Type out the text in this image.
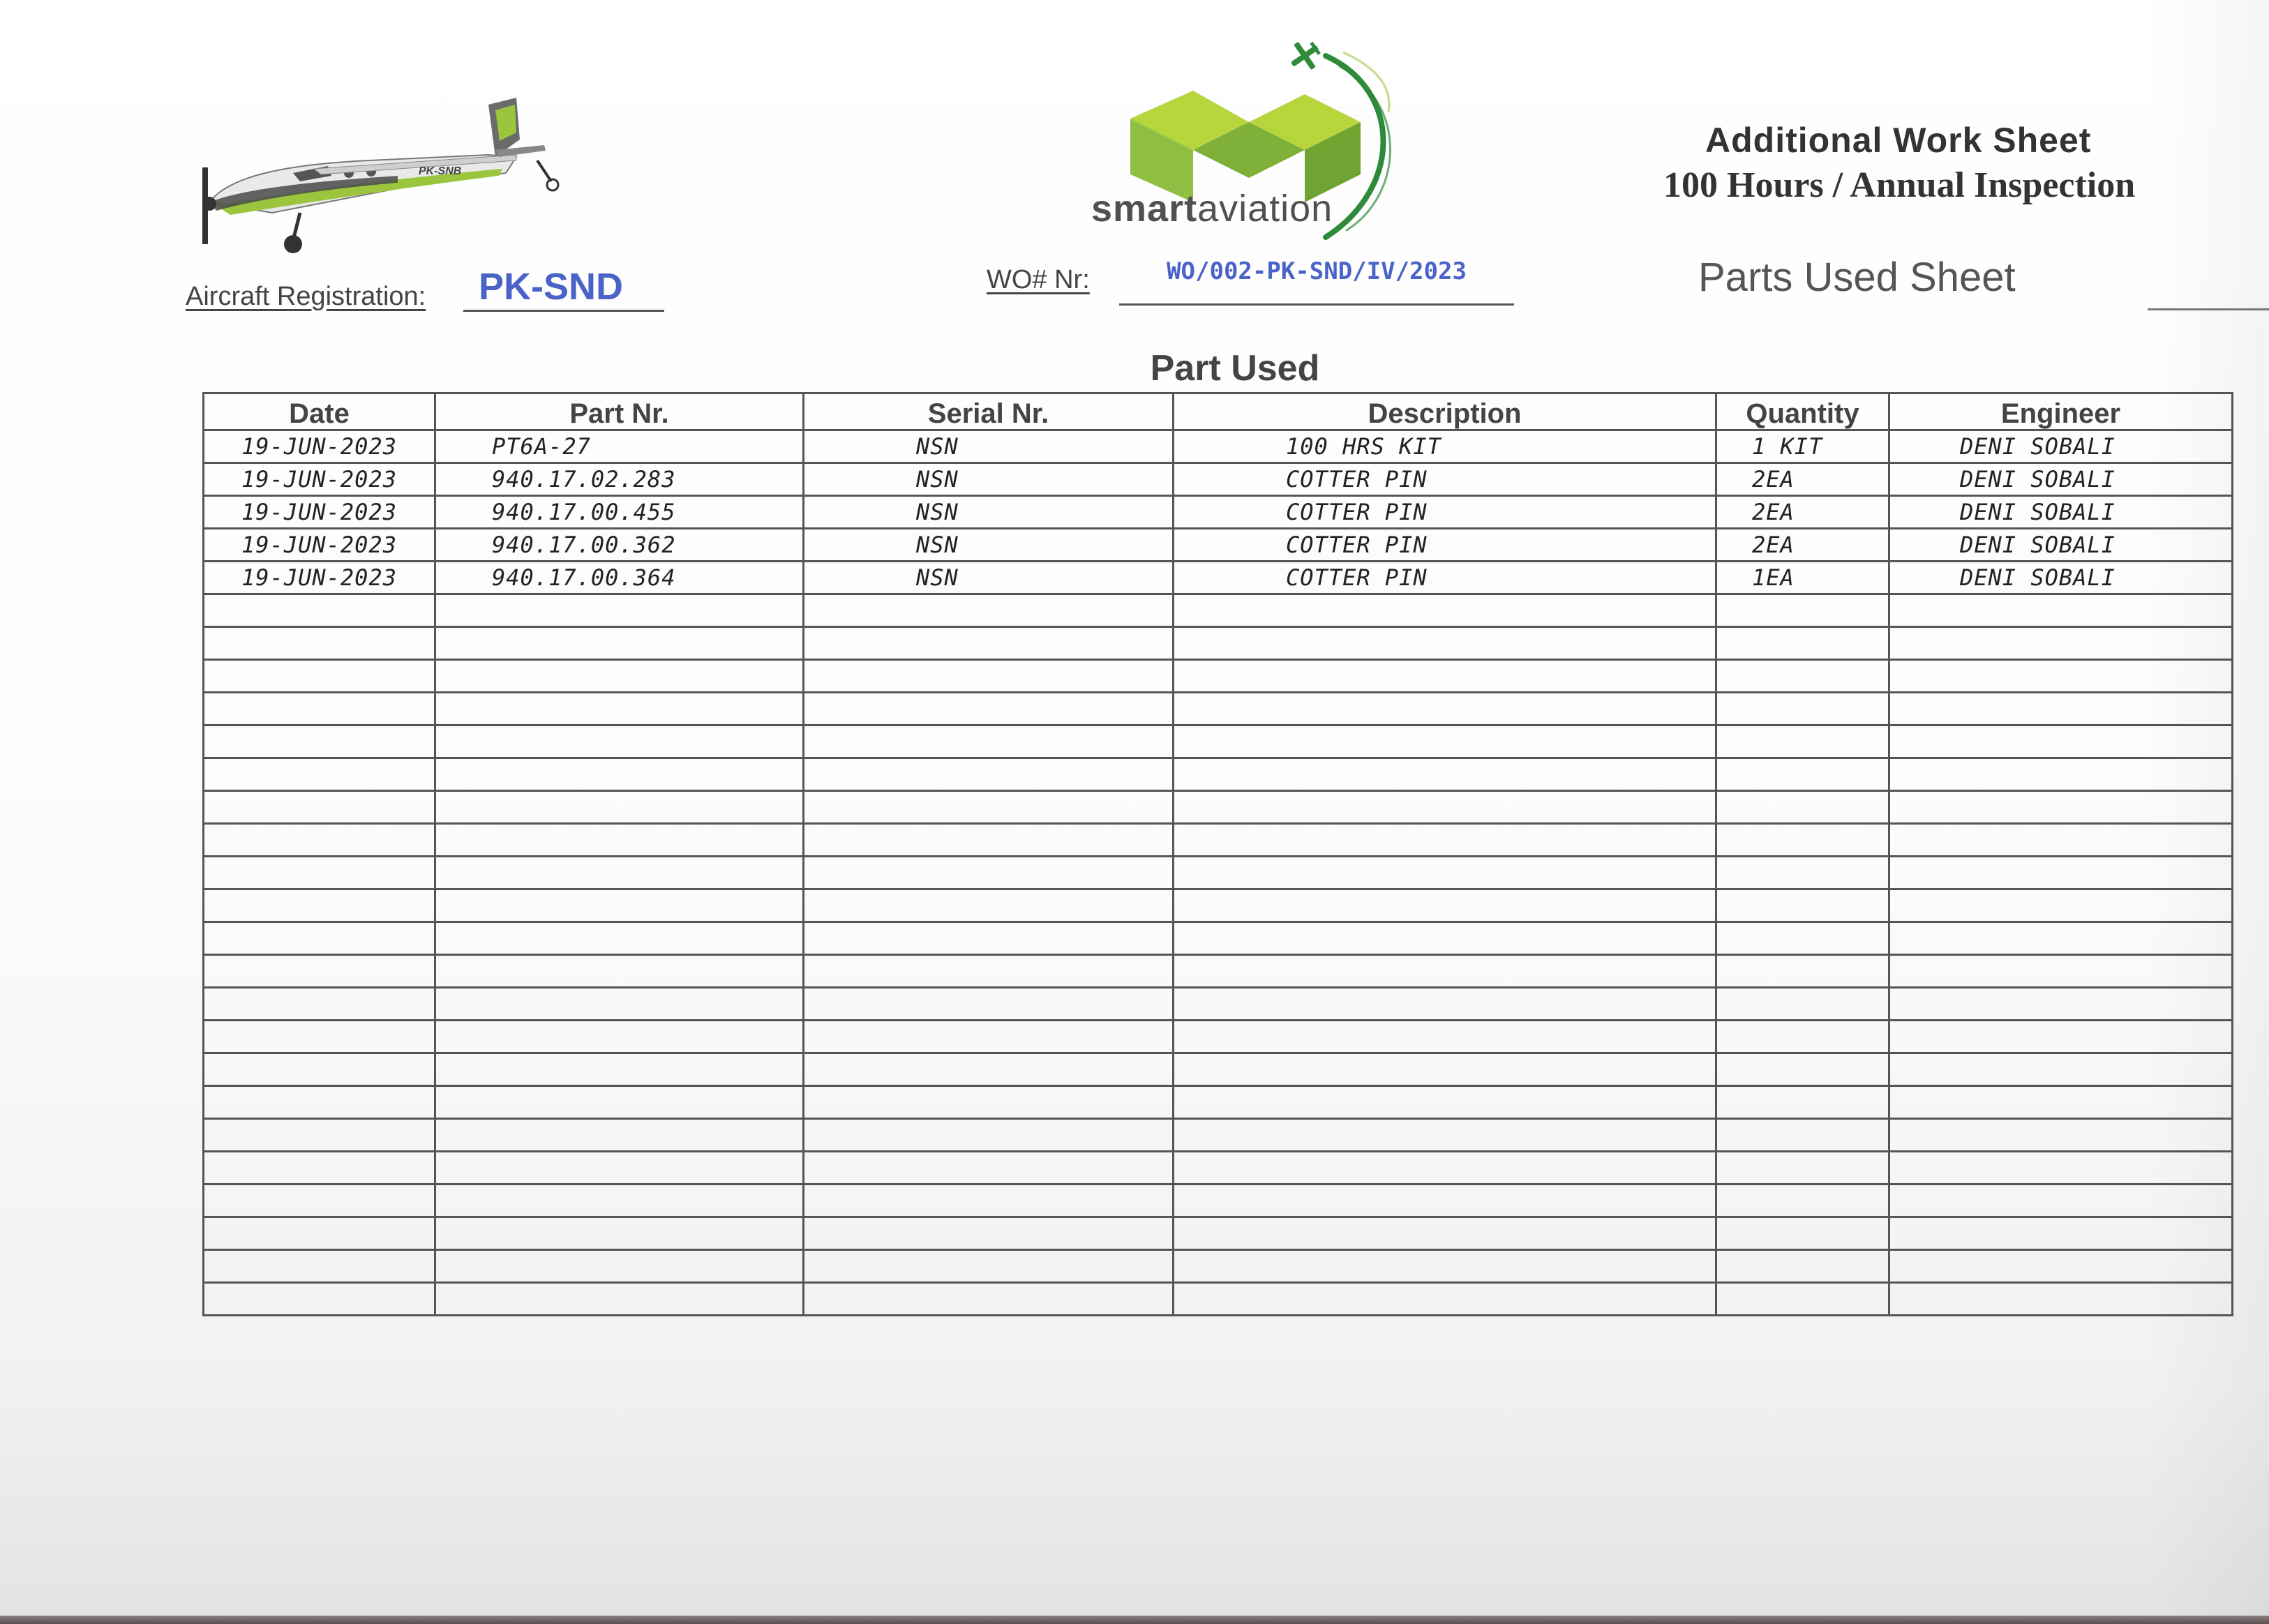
PK-SNB
Aircraft Registration:	PK-SND
smartaviation
WO# Nr:	WO/002-PK-SND/IV/2023
Additional Work Sheet
100 Hours / Annual Inspection
Parts Used Sheet
Part Used
Date	Part Nr.	Serial Nr.	Description	Quantity	Engineer
19-JUN-2023	PT6A-27	NSN	100 HRS KIT	1 KIT	DENI SOBALI
19-JUN-2023	940.17.02.283	NSN	COTTER PIN	2EA	DENI SOBALI
19-JUN-2023	940.17.00.455	NSN	COTTER PIN	2EA	DENI SOBALI
19-JUN-2023	940.17.00.362	NSN	COTTER PIN	2EA	DENI SOBALI
19-JUN-2023	940.17.00.364	NSN	COTTER PIN	1EA	DENI SOBALI
